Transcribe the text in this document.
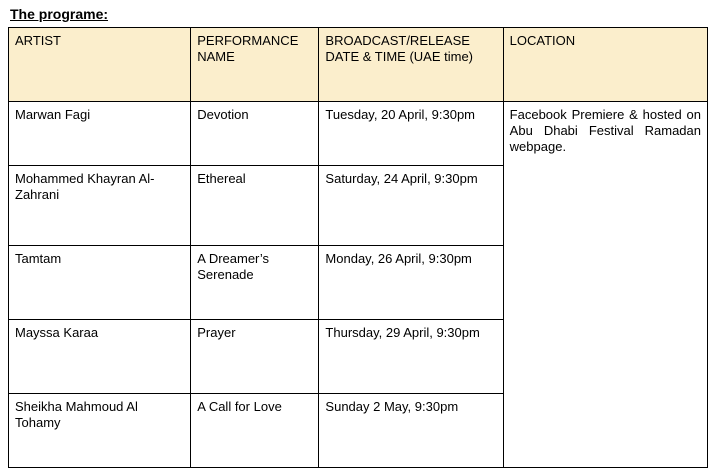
The programe:
ARTIST	PERFORMANCE NAME	BROADCAST/RELEASE DATE & TIME (UAE time)	LOCATION
Marwan Fagi	Devotion	Tuesday, 20 April, 9:30pm	Facebook Premiere & hosted on Abu Dhabi Festival Ramadan webpage.

Mohammed Khayran Al-Zahrani	Ethereal	Saturday, 24 April, 9:30pm	
Tamtam	A Dreamer’s Serenade	Monday, 26 April, 9:30pm	
Mayssa Karaa	Prayer	Thursday, 29 April, 9:30pm	
Sheikha Mahmoud Al Tohamy	A Call for Love	Sunday 2 May, 9:30pm	
